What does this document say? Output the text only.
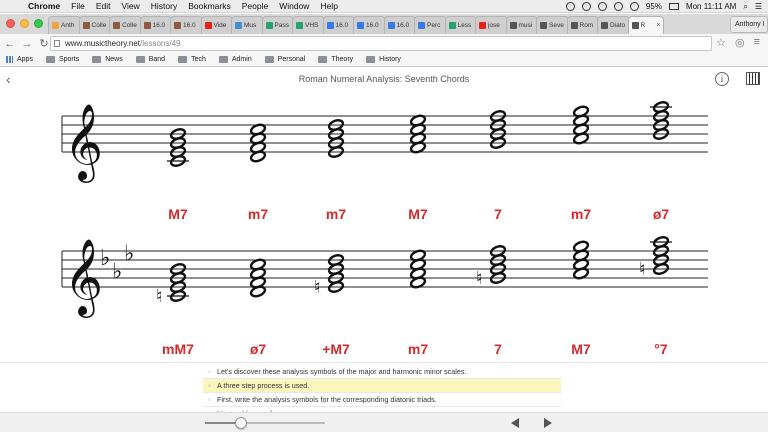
Chrome File Edit View History Bookmarks People Window Help	95%	Mon 11:11 AM ⌕ ☰
Anth	Colle Colle 16.0	16.0	Vide	Mus	Pass VHS	16.0	16.0	16.0	Perc	Less	jose	musi	Seve Rom	Diato R ×	Anthony I
← → ↻	www.musictheory.net/lessons/49	☆ ◎ ≡
Apps	Sports	News	Band	Tech	Admin	Personal	Theory	History
‹	Roman Numeral Analysis: Seventh Chords	i
𝄞
𝄞	♮	♮	♮	♮
♭
♭
♭
M7	m7	m7	M7	7	m7	ø7
mM7	ø7	+M7	m7	7	M7	°7
◦ Let's discover these analysis symbols of the major and harmonic minor scales.
◦ A three step process is used.
◦ First, write the analysis symbols for the corresponding diatonic triads.
